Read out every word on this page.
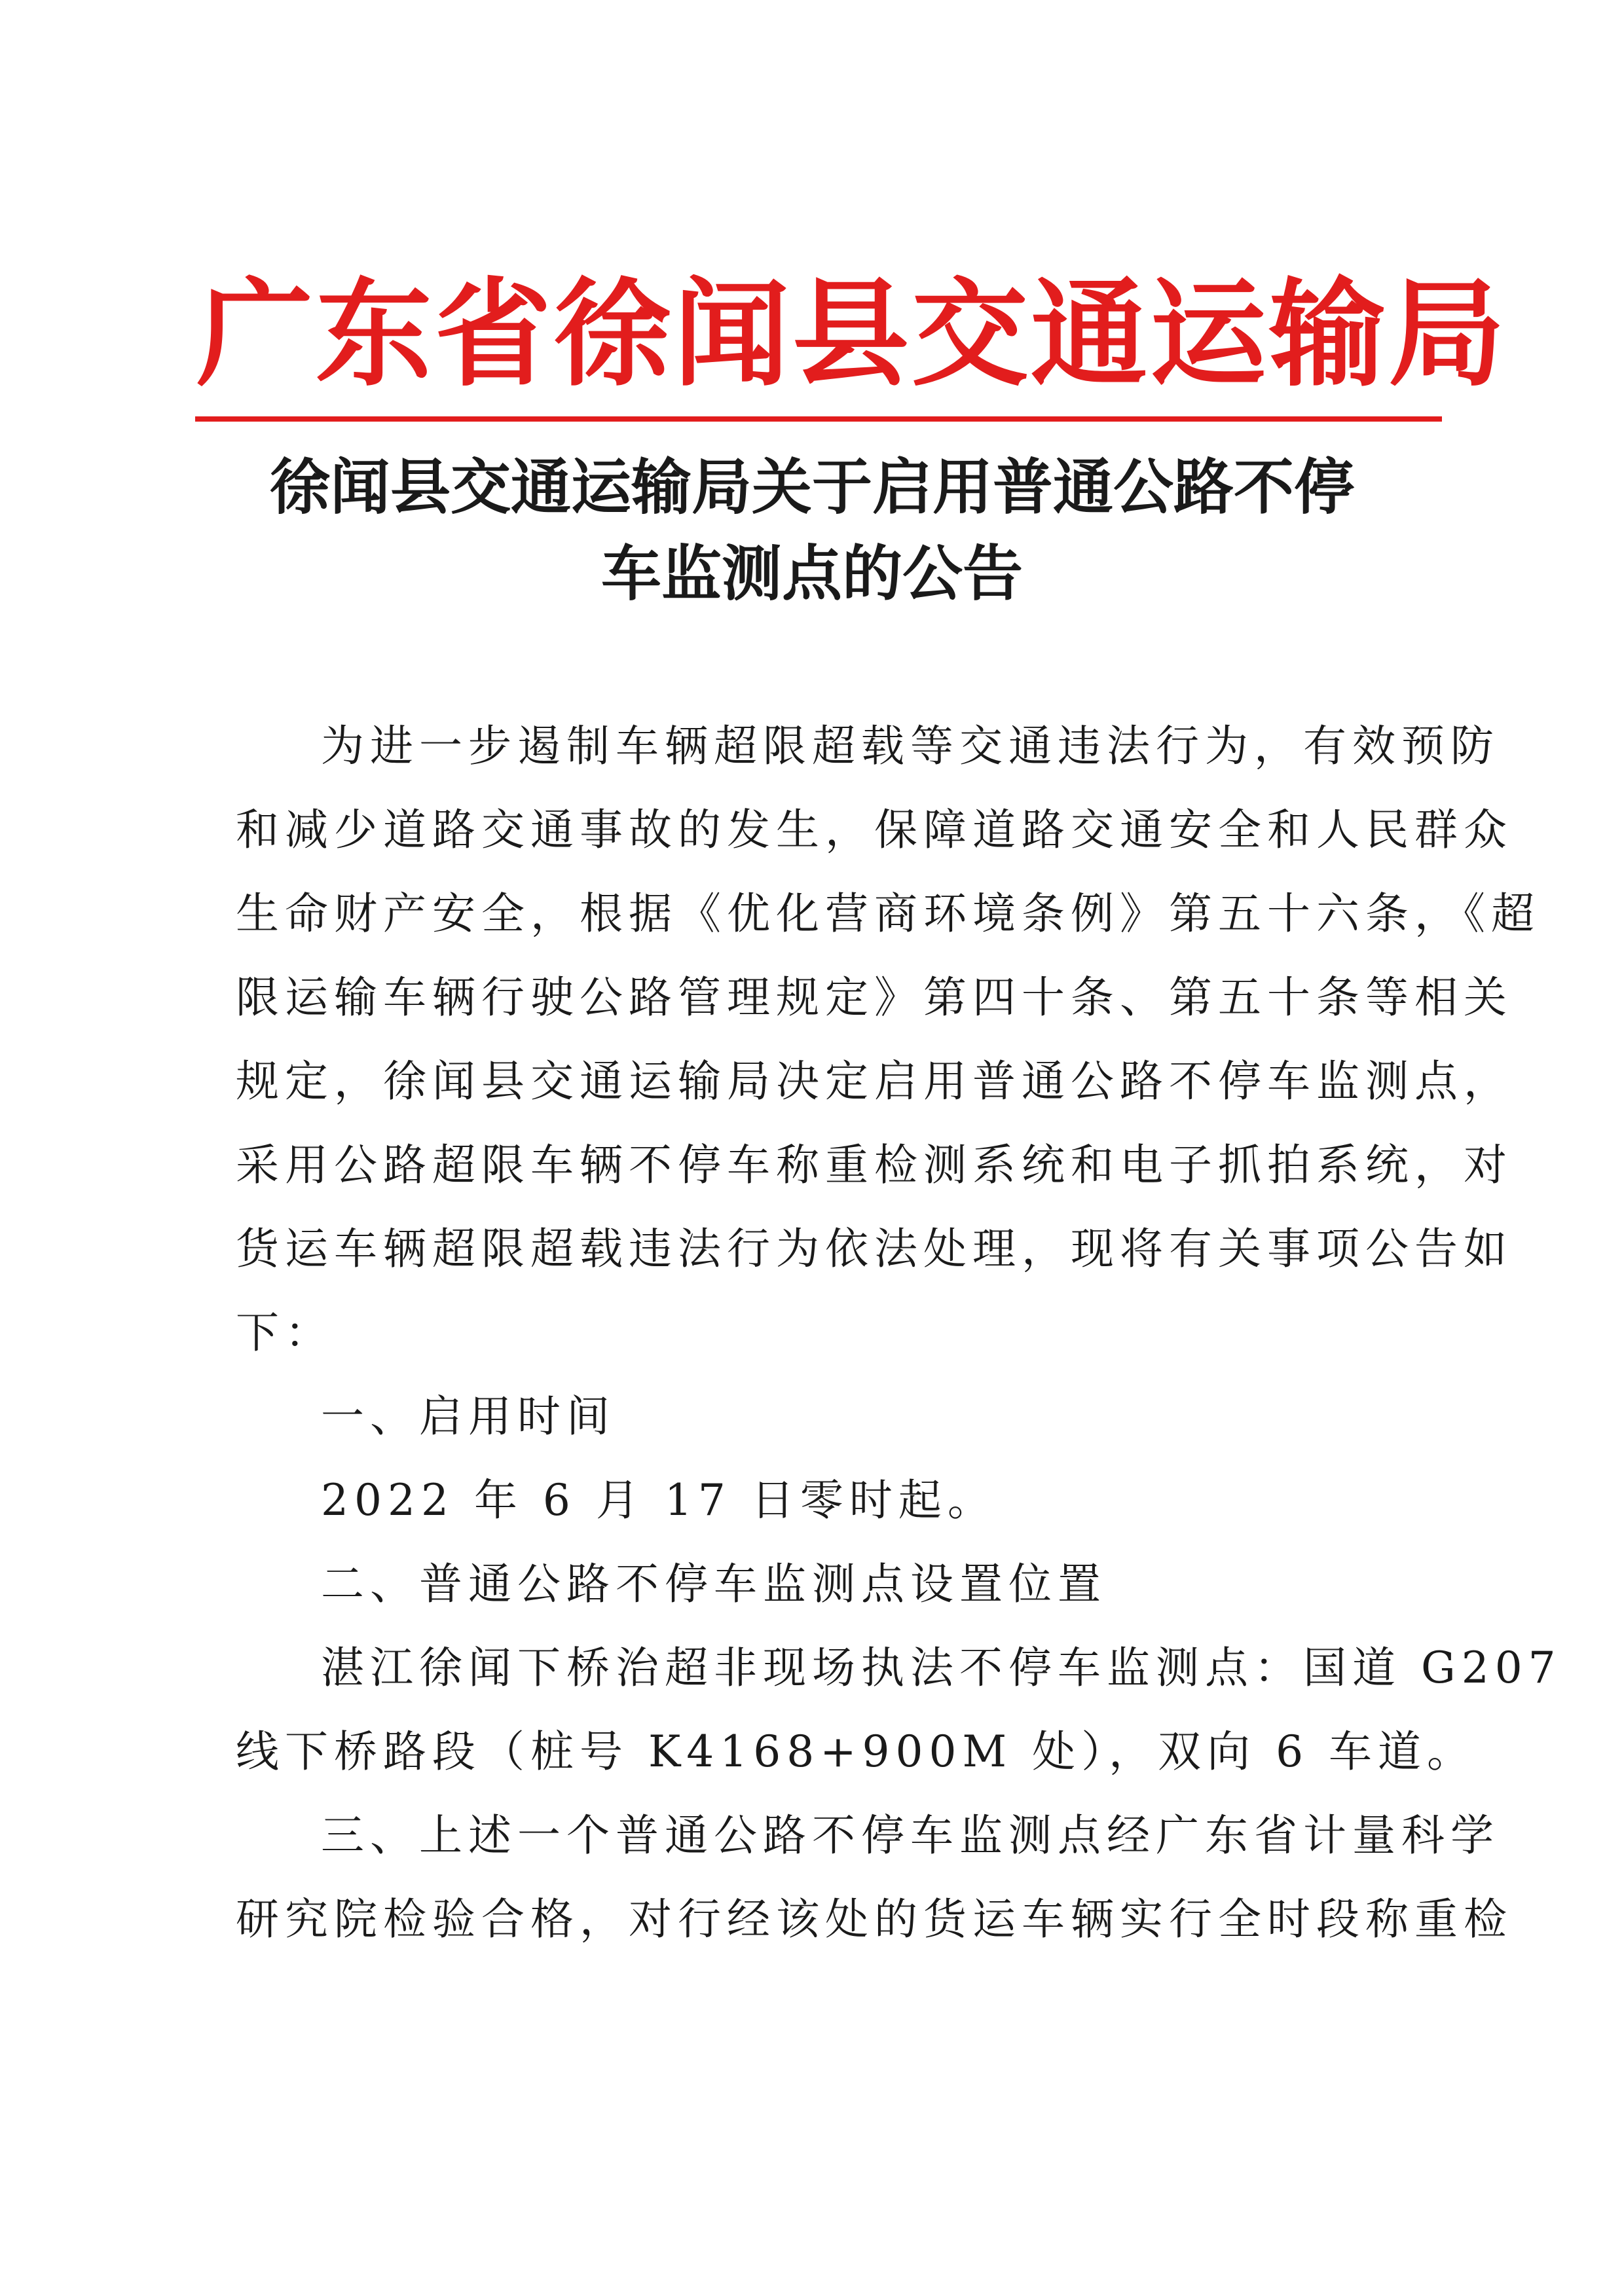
广东省徐闻县交通运输局
徐闻县交通运输局关于启用普通公路不停
车监测点的公告
为进一步遏制车辆超限超载等交通违法行为，有效预防
和减少道路交通事故的发生，保障道路交通安全和人民群众
生命财产安全，根据《优化营商环境条例》第五十六条，《超
限运输车辆行驶公路管理规定》第四十条、第五十条等相关
规定，徐闻县交通运输局决定启用普通公路不停车监测点，
采用公路超限车辆不停车称重检测系统和电子抓拍系统，对
货运车辆超限超载违法行为依法处理，现将有关事项公告如
下：
一、启用时间
2022 年 6 月 17 日零时起。
二、普通公路不停车监测点设置位置
湛江徐闻下桥治超非现场执法不停车监测点：国道 G207
线下桥路段（桩号 K4168+900M 处），双向 6 车道。
三、上述一个普通公路不停车监测点经广东省计量科学
研究院检验合格，对行经该处的货运车辆实行全时段称重检
